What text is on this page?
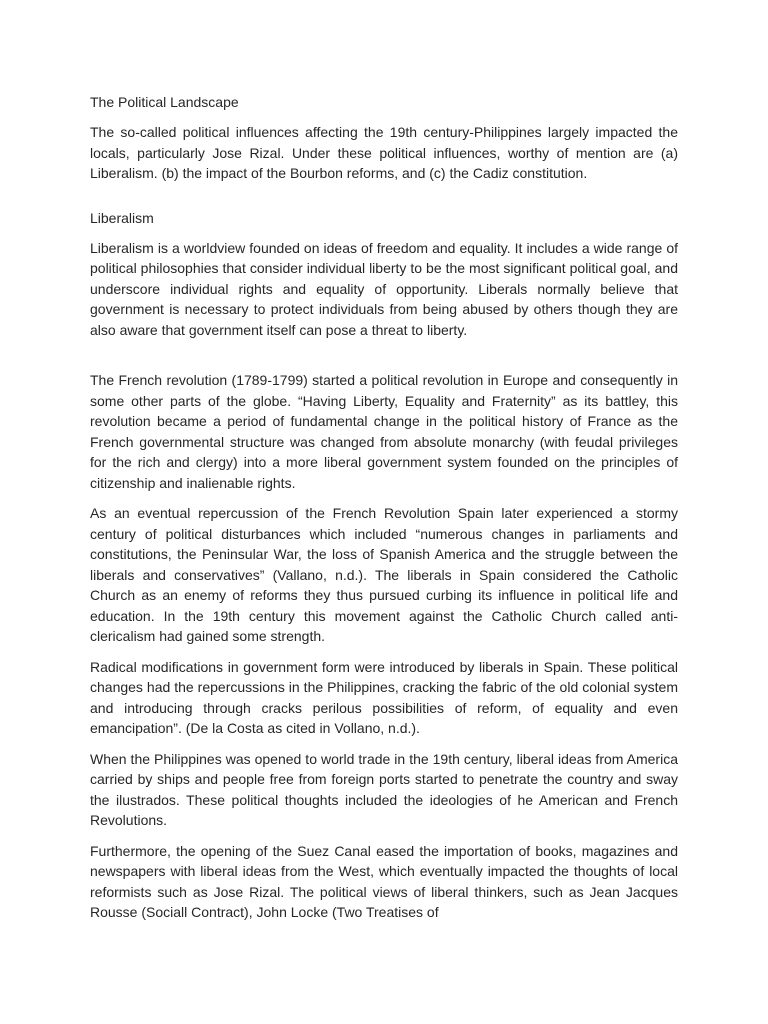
The Political Landscape

The so-called political influences affecting the 19th century-Philippines largely impacted the locals, particularly Jose Rizal. Under these political influences, worthy of mention are (a) Liberalism. (b) the impact of the Bourbon reforms, and (c) the Cadiz constitution.

Liberalism

Liberalism is a worldview founded on ideas of freedom and equality. It includes a wide range of political philosophies that consider individual liberty to be the most significant political goal, and underscore individual rights and equality of opportunity. Liberals normally believe that government is necessary to protect individuals from being abused by others though they are also aware that government itself can pose a threat to liberty.

The French revolution (1789-1799) started a political revolution in Europe and consequently in some other parts of the globe. “Having Liberty, Equality and Fraternity” as its battley, this revolution became a period of fundamental change in the political history of France as the French governmental structure was changed from absolute monarchy (with feudal privileges for the rich and clergy) into a more liberal government system founded on the principles of citizenship and inalienable rights.

As an eventual repercussion of the French Revolution Spain later experienced a stormy century of political disturbances which included “numerous changes in parliaments and constitutions, the Peninsular War, the loss of Spanish America and the struggle between the liberals and conservatives” (Vallano, n.d.). The liberals in Spain considered the Catholic Church as an enemy of reforms they thus pursued curbing its influence in political life and education. In the 19th century this movement against the Catholic Church called anti-clericalism had gained some strength.

Radical modifications in government form were introduced by liberals in Spain. These political changes had the repercussions in the Philippines, cracking the fabric of the old colonial system and introducing through cracks perilous possibilities of reform, of equality and even emancipation”. (De la Costa as cited in Vollano, n.d.).

When the Philippines was opened to world trade in the 19th century, liberal ideas from America carried by ships and people free from foreign ports started to penetrate the country and sway the ilustrados. These political thoughts included the ideologies of he American and French Revolutions.

Furthermore, the opening of the Suez Canal eased the importation of books, magazines and newspapers with liberal ideas from the West, which eventually impacted the thoughts of local reformists such as Jose Rizal. The political views of liberal thinkers, such as Jean Jacques Rousse (Sociall Contract), John Locke (Two Treatises of
